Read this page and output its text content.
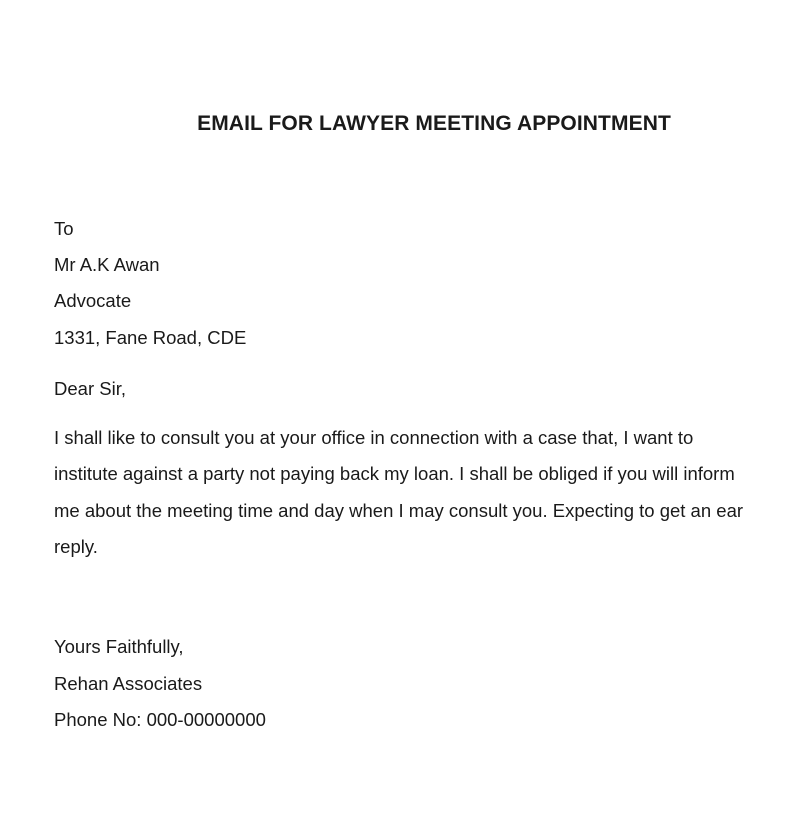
EMAIL FOR LAWYER MEETING APPOINTMENT
To
Mr A.K Awan
Advocate
1331, Fane Road, CDE
Dear Sir,
I shall like to consult you at your office in connection with a case that, I want to
institute against a party not paying back my loan. I shall be obliged if you will inform
me about the meeting time and day when I may consult you. Expecting to get an ear
reply.
Yours Faithfully,
Rehan Associates
Phone No: 000-00000000
